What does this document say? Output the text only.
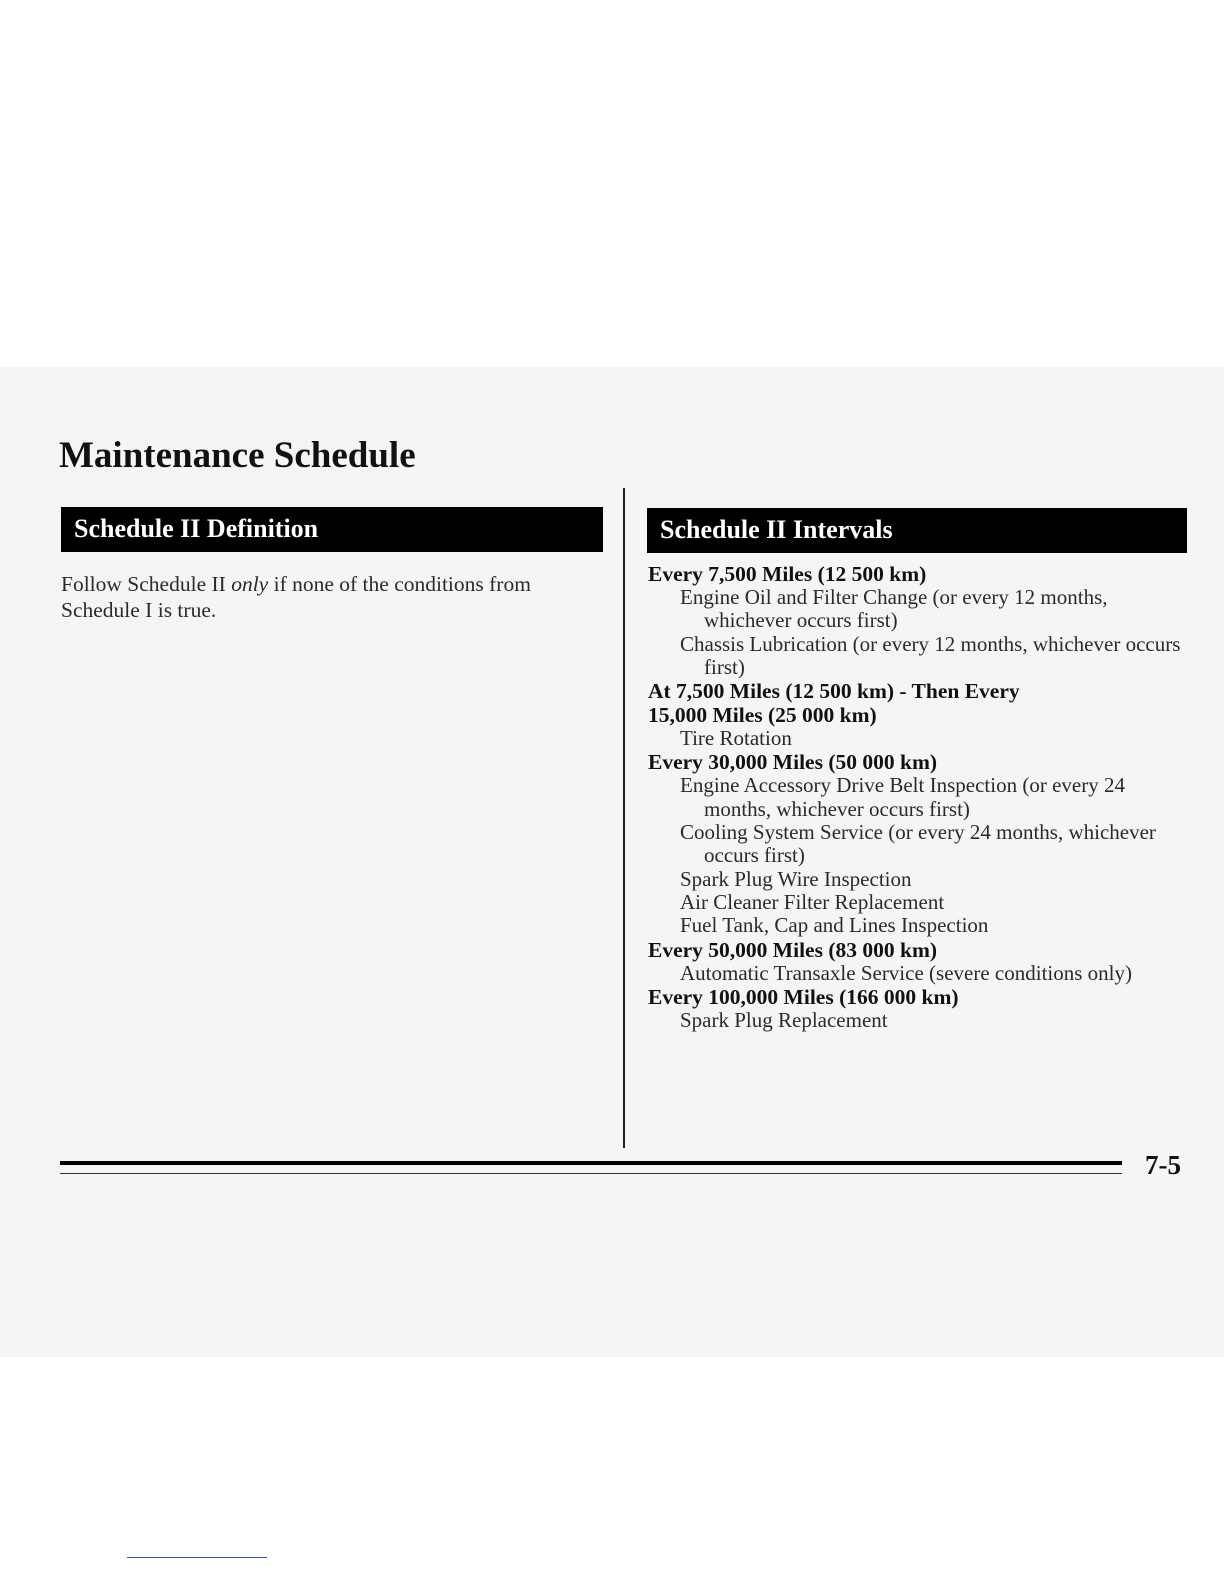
Maintenance Schedule
Schedule II Definition

Follow Schedule II only if none of the conditions from Schedule I is true.

Schedule II Intervals
Every 7,500 Miles (12 500 km)
Engine Oil and Filter Change (or every 12 months, whichever occurs first)
Chassis Lubrication (or every 12 months, whichever occurs first)
At 7,500 Miles (12 500 km) - Then Every
15,000 Miles (25 000 km)
Tire Rotation
Every 30,000 Miles (50 000 km)
Engine Accessory Drive Belt Inspection (or every 24 months, whichever occurs first)
Cooling System Service (or every 24 months, whichever occurs first)
Spark Plug Wire Inspection
Air Cleaner Filter Replacement
Fuel Tank, Cap and Lines Inspection
Every 50,000 Miles (83 000 km)
Automatic Transaxle Service (severe conditions only)
Every 100,000 Miles (166 000 km)
Spark Plug Replacement
7-5
